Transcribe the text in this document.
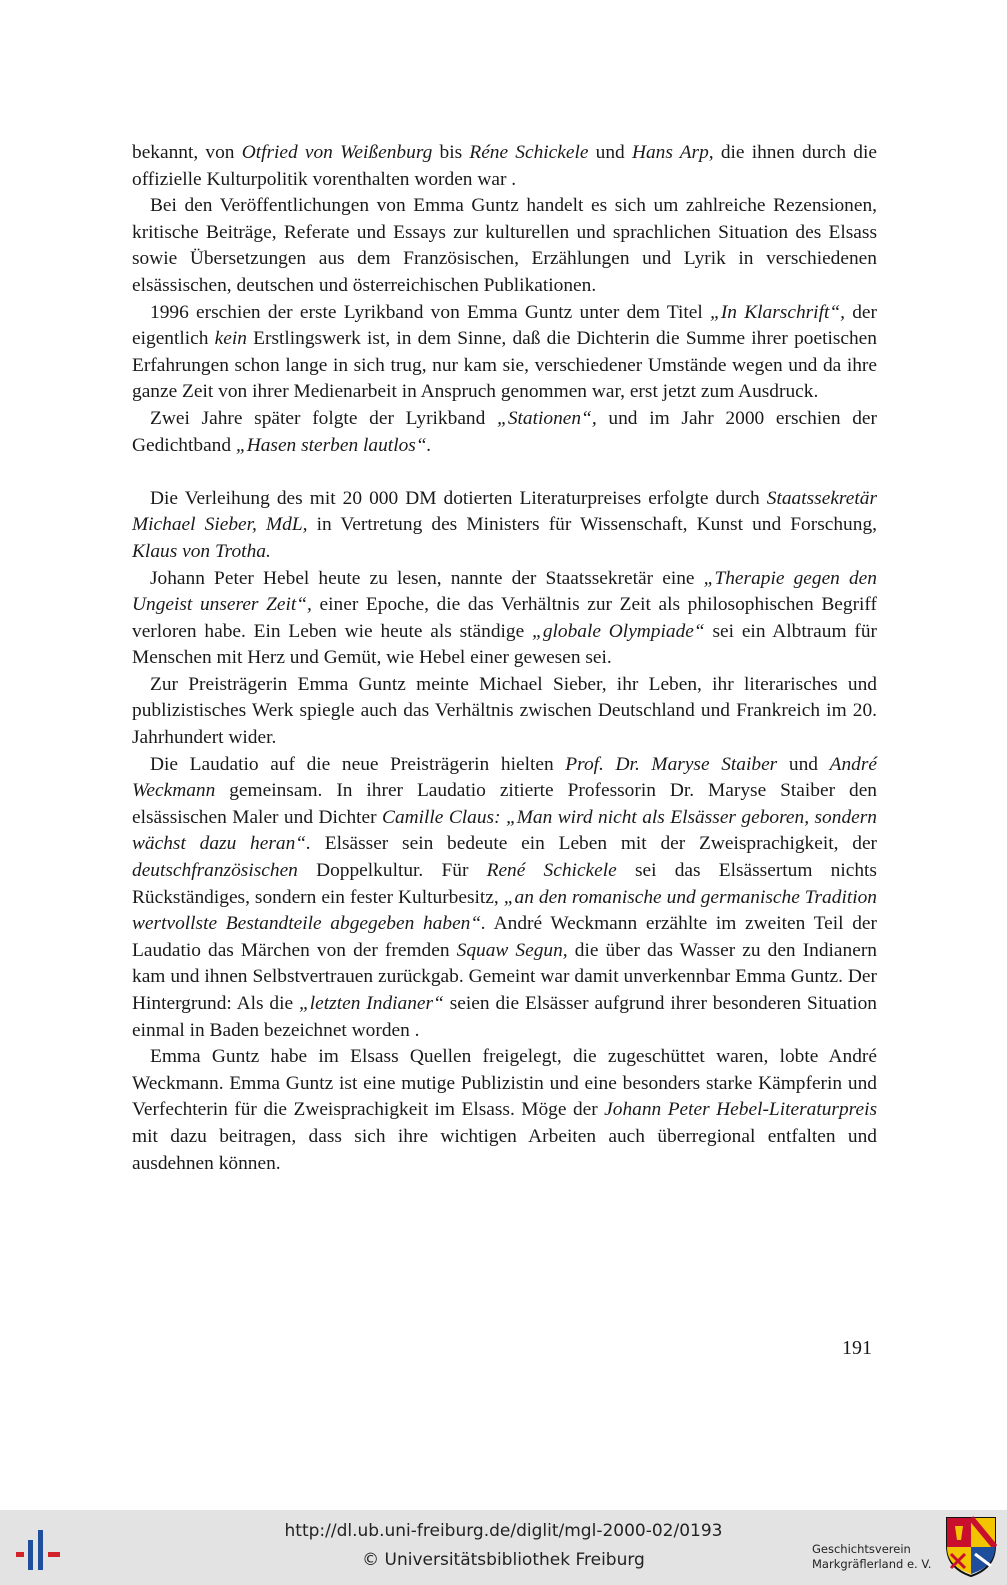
bekannt, von Otfried von Weißenburg bis Réne Schickele und Hans Arp, die ihnen durch die offizielle Kulturpolitik vorenthalten worden war .

Bei den Veröffentlichungen von Emma Guntz handelt es sich um zahlreiche Rezensionen, kritische Beiträge, Referate und Essays zur kulturellen und sprachlichen Situation des Elsass sowie Übersetzungen aus dem Französischen, Erzählungen und Lyrik in verschiedenen elsässischen, deutschen und österreichischen Publikationen.

1996 erschien der erste Lyrikband von Emma Guntz unter dem Titel „In Klarschrift“, der eigentlich kein Erstlingswerk ist, in dem Sinne, daß die Dichterin die Summe ihrer poetischen Erfahrungen schon lange in sich trug, nur kam sie, verschiedener Umstände wegen und da ihre ganze Zeit von ihrer Medienarbeit in Anspruch genommen war, erst jetzt zum Ausdruck.

Zwei Jahre später folgte der Lyrikband „Stationen“, und im Jahr 2000 erschien der Gedichtband „Hasen sterben lautlos“.

Die Verleihung des mit 20 000 DM dotierten Literaturpreises erfolgte durch Staatssekretär Michael Sieber, MdL, in Vertretung des Ministers für Wissenschaft, Kunst und Forschung, Klaus von Trotha.

Johann Peter Hebel heute zu lesen, nannte der Staatssekretär eine „Therapie gegen den Ungeist unserer Zeit“, einer Epoche, die das Verhältnis zur Zeit als philosophischen Begriff verloren habe. Ein Leben wie heute als ständige „globale Olympiade“ sei ein Albtraum für Menschen mit Herz und Gemüt, wie Hebel einer gewesen sei.

Zur Preisträgerin Emma Guntz meinte Michael Sieber, ihr Leben, ihr literarisches und publizistisches Werk spiegle auch das Verhältnis zwischen Deutschland und Frankreich im 20. Jahrhundert wider.

Die Laudatio auf die neue Preisträgerin hielten Prof. Dr. Maryse Staiber und André Weckmann gemeinsam. In ihrer Laudatio zitierte Professorin Dr. Maryse Staiber den elsässischen Maler und Dichter Camille Claus: „Man wird nicht als Elsässer geboren, sondern wächst dazu heran“. Elsässer sein bedeute ein Leben mit der Zweisprachigkeit, der deutschfranzösischen Doppelkultur. Für René Schickele sei das Elsässertum nichts Rückständiges, sondern ein fester Kulturbesitz, „an den romanische und germanische Tradition wertvollste Bestandteile abgegeben haben“. André Weckmann erzählte im zweiten Teil der Laudatio das Märchen von der fremden Squaw Segun, die über das Wasser zu den Indianern kam und ihnen Selbstvertrauen zurückgab. Gemeint war damit unverkennbar Emma Guntz. Der Hintergrund: Als die „letzten Indianer“ seien die Elsässer aufgrund ihrer besonderen Situation einmal in Baden bezeichnet worden .

Emma Guntz habe im Elsass Quellen freigelegt, die zugeschüttet waren, lobte André Weckmann. Emma Guntz ist eine mutige Publizistin und eine besonders starke Kämpferin und Verfechterin für die Zweisprachigkeit im Elsass. Möge der Johann Peter Hebel-Literaturpreis mit dazu beitragen, dass sich ihre wichtigen Arbeiten auch überregional entfalten und ausdehnen können.

191
http://dl.ub.uni-freiburg.de/diglit/mgl-2000-02/0193
© Universitätsbibliothek Freiburg
Geschichtsverein
Markgräflerland e. V.
